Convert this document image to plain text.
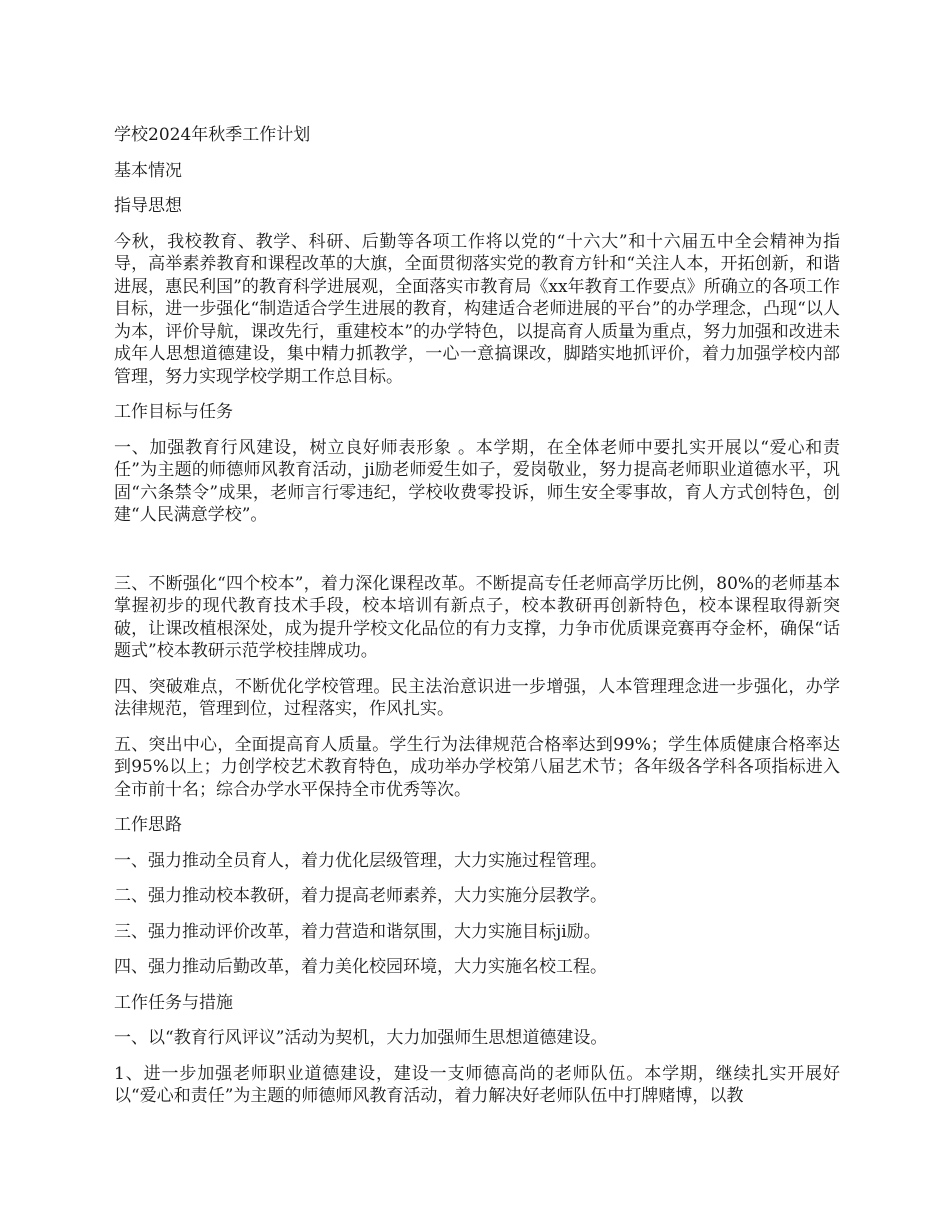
学校2024年秋季工作计划

基本情况

指导思想

今秋，我校教育、教学、科研、后勤等各项工作将以党的“十六大”和十六届五中全会精神为指导，高举素养教育和课程改革的大旗，全面贯彻落实党的教育方针和“关注人本，开拓创新，和谐进展，惠民利国”的教育科学进展观，全面落实市教育局《xx年教育工作要点》所确立的各项工作目标，进一步强化“制造适合学生进展的教育，构建适合老师进展的平台”的办学理念，凸现“以人为本，评价导航，课改先行，重建校本”的办学特色，以提高育人质量为重点，努力加强和改进未成年人思想道德建设，集中精力抓教学，一心一意搞课改，脚踏实地抓评价，着力加强学校内部管理，努力实现学校学期工作总目标。

工作目标与任务

一、加强教育行风建设，树立良好师表形象 。本学期，在全体老师中要扎实开展以“爱心和责任”为主题的师德师风教育活动，ji励老师爱生如子，爱岗敬业，努力提高老师职业道德水平，巩固“六条禁令”成果，老师言行零违纪，学校收费零投诉，师生安全零事故，育人方式创特色，创建“人民满意学校”。

三、不断强化“四个校本”，着力深化课程改革。不断提高专任老师高学历比例，80%的老师基本掌握初步的现代教育技术手段，校本培训有新点子，校本教研再创新特色，校本课程取得新突破，让课改植根深处，成为提升学校文化品位的有力支撑，力争市优质课竞赛再夺金杯，确保“话题式”校本教研示范学校挂牌成功。

四、突破难点，不断优化学校管理。民主法治意识进一步增强，人本管理理念进一步强化，办学法律规范，管理到位，过程落实，作风扎实。

五、突出中心，全面提高育人质量。学生行为法律规范合格率达到99%；学生体质健康合格率达到95%以上；力创学校艺术教育特色，成功举办学校第八届艺术节；各年级各学科各项指标进入全市前十名；综合办学水平保持全市优秀等次。

工作思路

一、强力推动全员育人，着力优化层级管理，大力实施过程管理。

二、强力推动校本教研，着力提高老师素养，大力实施分层教学。

三、强力推动评价改革，着力营造和谐氛围，大力实施目标ji励。

四、强力推动后勤改革，着力美化校园环境，大力实施名校工程。

工作任务与措施

一、以“教育行风评议”活动为契机，大力加强师生思想道德建设。

1、进一步加强老师职业道德建设，建设一支师德高尚的老师队伍。本学期，继续扎实开展好以“爱心和责任”为主题的师德师风教育活动，着力解决好老师队伍中打牌赌博，以教
